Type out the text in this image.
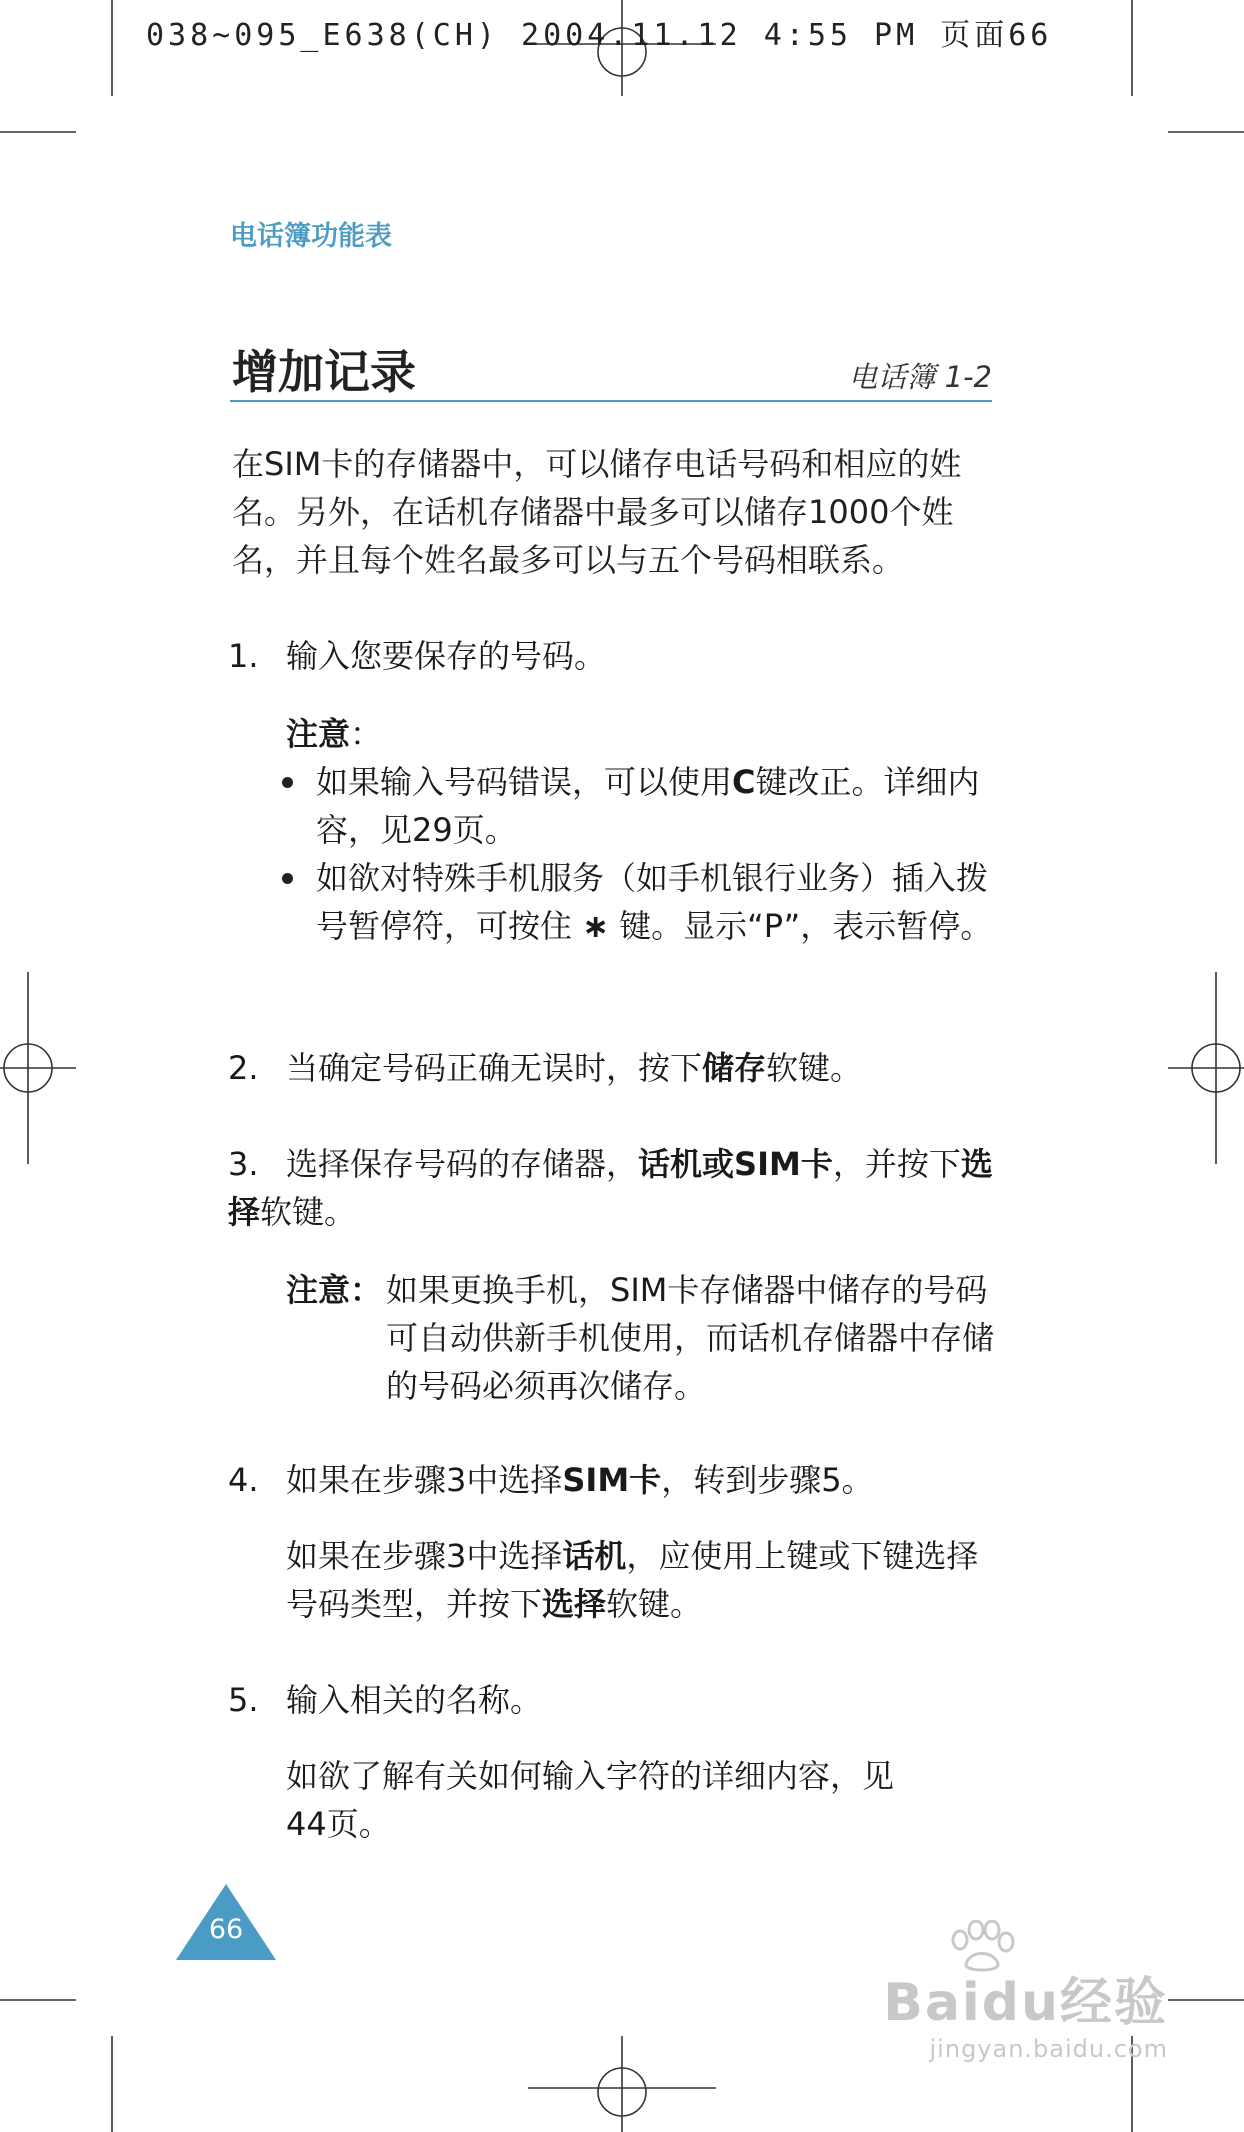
038~095_E638(CH) 2004.11.12 4:55 PM 页面66
电话簿功能表
增加记录	电话簿 1-2
在SIM卡的存储器中，可以储存电话号码和相应的姓名。另外，在话机存储器中最多可以储存1000个姓名，并且每个姓名最多可以与五个号码相联系。
1. 输入您要保存的号码。
注意：
如果输入号码错误，可以使用C键改正。详细内容，见29页。
如欲对特殊手机服务（如手机银行业务）插入拨号暂停符，可按住 ∗ 键。显示“P”，表示暂停。
2. 当确定号码正确无误时，按下储存软键。
3. 选择保存号码的存储器，话机或SIM卡，并按下选择软键。
注意： 如果更换手机，SIM卡存储器中储存的号码可自动供新手机使用，而话机存储器中存储的号码必须再次储存。
4. 如果在步骤3中选择SIM卡，转到步骤5。
如果在步骤3中选择话机，应使用上键或下键选择号码类型，并按下选择软键。
5. 输入相关的名称。
如欲了解有关如何输入字符的详细内容，见44页。
66
Baidu经验
jingyan.baidu.com
